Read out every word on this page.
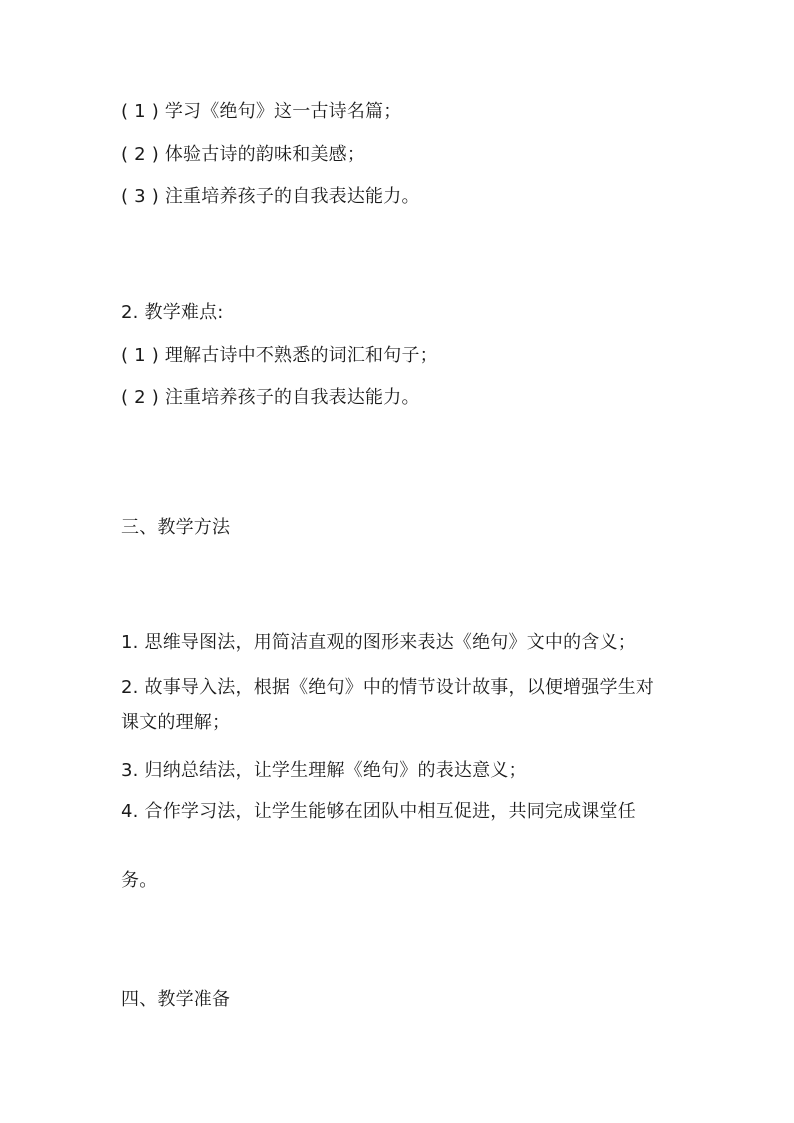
( 1 ) 学习《绝句》这一古诗名篇；
( 2 ) 体验古诗的韵味和美感；
( 3 ) 注重培养孩子的自我表达能力。
2. 教学难点:
( 1 ) 理解古诗中不熟悉的词汇和句子；
( 2 ) 注重培养孩子的自我表达能力。
三、教学方法
1. 思维导图法，用简洁直观的图形来表达《绝句》文中的含义；
2. 故事导入法，根据《绝句》中的情节设计故事，以便增强学生对
课文的理解；
3. 归纳总结法，让学生理解《绝句》的表达意义；
4. 合作学习法，让学生能够在团队中相互促进，共同完成课堂任
务。
四、教学准备
